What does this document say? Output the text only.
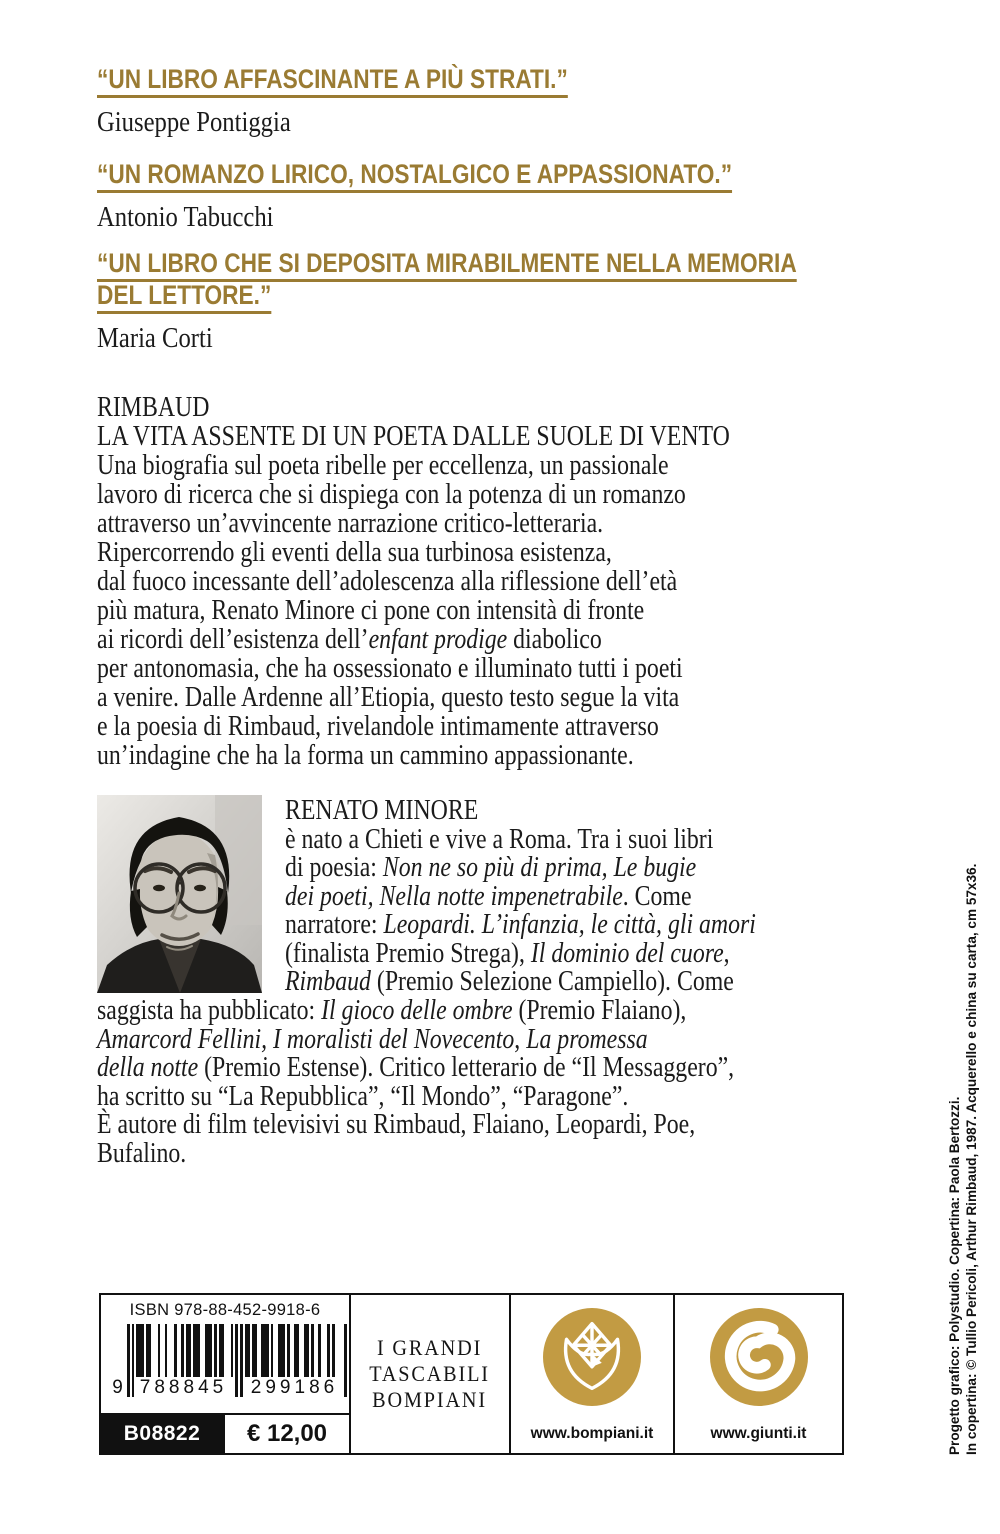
“UN LIBRO AFFASCINANTE A PIÙ STRATI.”
Giuseppe Pontiggia
“UN ROMANZO LIRICO, NOSTALGICO E APPASSIONATO.”
Antonio Tabucchi
“UN LIBRO CHE SI DEPOSITA MIRABILMENTE NELLA MEMORIA
DEL LETTORE.”
Maria Corti
RIMBAUD
LA VITA ASSENTE DI UN POETA DALLE SUOLE DI VENTO
Una biografia sul poeta ribelle per eccellenza, un passionale
lavoro di ricerca che si dispiega con la potenza di un romanzo
attraverso un’avvincente narrazione critico-letteraria.
Ripercorrendo gli eventi della sua turbinosa esistenza,
dal fuoco incessante dell’adolescenza alla riflessione dell’età
più matura, Renato Minore ci pone con intensità di fronte
ai ricordi dell’esistenza dell’enfant prodige diabolico
per antonomasia, che ha ossessionato e illuminato tutti i poeti
a venire. Dalle Ardenne all’Etiopia, questo testo segue la vita
e la poesia di Rimbaud, rivelandole intimamente attraverso
un’indagine che ha la forma un cammino appassionante.
RENATO MINORE
è nato a Chieti e vive a Roma. Tra i suoi libri
di poesia: Non ne so più di prima, Le bugie
dei poeti, Nella notte impenetrabile. Come
narratore: Leopardi. L’infanzia, le città, gli amori
(finalista Premio Strega), Il dominio del cuore,
Rimbaud (Premio Selezione Campiello). Come
saggista ha pubblicato: Il gioco delle ombre (Premio Flaiano),
Amarcord Fellini, I moralisti del Novecento, La promessa
della notte (Premio Estense). Critico letterario de “Il Messaggero”,
ha scritto su “La Repubblica”, “Il Mondo”, “Paragone”.
È autore di film televisivi su Rimbaud, Flaiano, Leopardi, Poe,
Bufalino.
ISBN 978-88-452-9918-6
9 788845	299186
B08822	€ 12,00
I GRANDI
TASCABILI
BOMPIANI
www.bompiani.it	www.giunti.it	Progetto grafico: Polystudio. Copertina: Paola Bertozzi. In copertina: © Tullio Pericoli, Arthur Rimbaud, 1987. Acquerello e china su carta, cm 57x36.
